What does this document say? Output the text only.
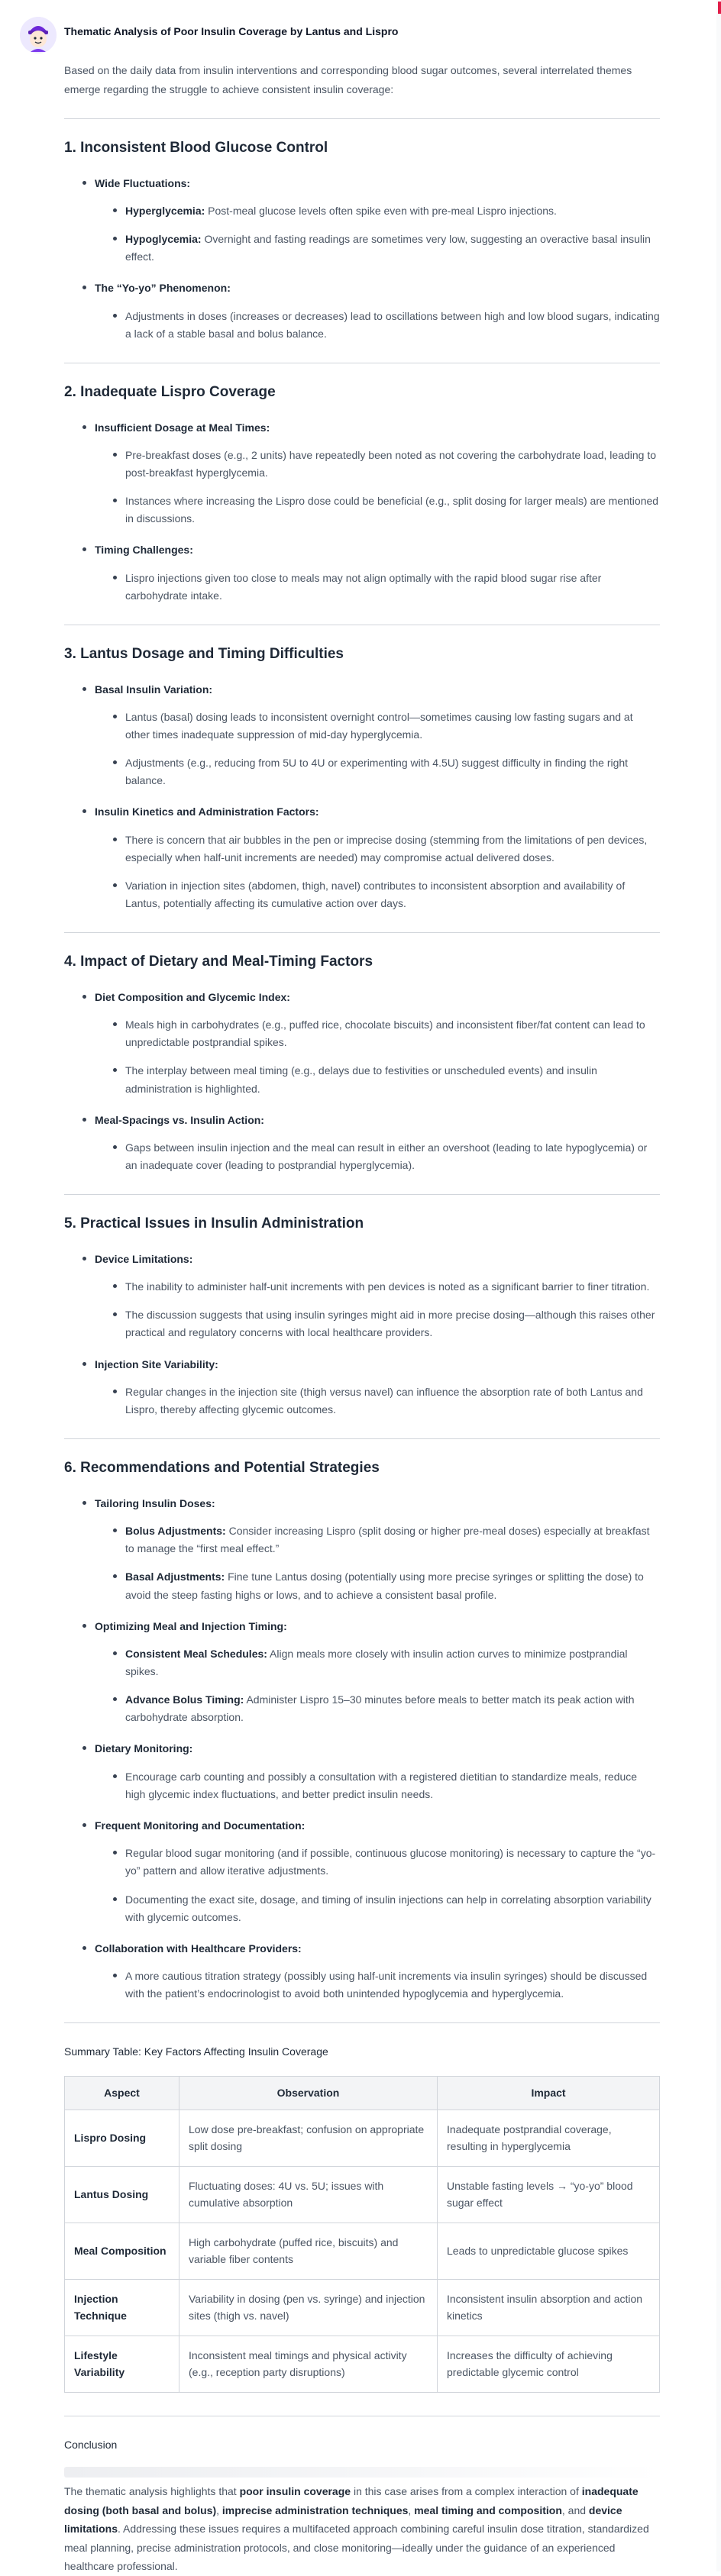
Thematic Analysis of Poor Insulin Coverage by Lantus and Lispro

Based on the daily data from insulin interventions and corresponding blood sugar outcomes, several interrelated themes emerge regarding the struggle to achieve consistent insulin coverage:

1. Inconsistent Blood Glucose Control
Wide Fluctuations:
Hyperglycemia: Post-meal glucose levels often spike even with pre-meal Lispro injections.
Hypoglycemia: Overnight and fasting readings are sometimes very low, suggesting an overactive basal insulin effect.
The “Yo-yo” Phenomenon:
Adjustments in doses (increases or decreases) lead to oscillations between high and low blood sugars, indicating a lack of a stable basal and bolus balance.
2. Inadequate Lispro Coverage
Insufficient Dosage at Meal Times:
Pre-breakfast doses (e.g., 2 units) have repeatedly been noted as not covering the carbohydrate load, leading to post-breakfast hyperglycemia.
Instances where increasing the Lispro dose could be beneficial (e.g., split dosing for larger meals) are mentioned in discussions.
Timing Challenges:
Lispro injections given too close to meals may not align optimally with the rapid blood sugar rise after carbohydrate intake.
3. Lantus Dosage and Timing Difficulties
Basal Insulin Variation:
Lantus (basal) dosing leads to inconsistent overnight control—sometimes causing low fasting sugars and at other times inadequate suppression of mid-day hyperglycemia.
Adjustments (e.g., reducing from 5U to 4U or experimenting with 4.5U) suggest difficulty in finding the right balance.
Insulin Kinetics and Administration Factors:
There is concern that air bubbles in the pen or imprecise dosing (stemming from the limitations of pen devices, especially when half-unit increments are needed) may compromise actual delivered doses.
Variation in injection sites (abdomen, thigh, navel) contributes to inconsistent absorption and availability of Lantus, potentially affecting its cumulative action over days.
4. Impact of Dietary and Meal-Timing Factors
Diet Composition and Glycemic Index:
Meals high in carbohydrates (e.g., puffed rice, chocolate biscuits) and inconsistent fiber/fat content can lead to unpredictable postprandial spikes.
The interplay between meal timing (e.g., delays due to festivities or unscheduled events) and insulin administration is highlighted.
Meal-Spacings vs. Insulin Action:
Gaps between insulin injection and the meal can result in either an overshoot (leading to late hypoglycemia) or an inadequate cover (leading to postprandial hyperglycemia).
5. Practical Issues in Insulin Administration
Device Limitations:
The inability to administer half-unit increments with pen devices is noted as a significant barrier to finer titration.
The discussion suggests that using insulin syringes might aid in more precise dosing—although this raises other practical and regulatory concerns with local healthcare providers.
Injection Site Variability:
Regular changes in the injection site (thigh versus navel) can influence the absorption rate of both Lantus and Lispro, thereby affecting glycemic outcomes.
6. Recommendations and Potential Strategies
Tailoring Insulin Doses:
Bolus Adjustments: Consider increasing Lispro (split dosing or higher pre-meal doses) especially at breakfast to manage the “first meal effect.”
Basal Adjustments: Fine tune Lantus dosing (potentially using more precise syringes or splitting the dose) to avoid the steep fasting highs or lows, and to achieve a consistent basal profile.
Optimizing Meal and Injection Timing:
Consistent Meal Schedules: Align meals more closely with insulin action curves to minimize postprandial spikes.
Advance Bolus Timing: Administer Lispro 15–30 minutes before meals to better match its peak action with carbohydrate absorption.
Dietary Monitoring:
Encourage carb counting and possibly a consultation with a registered dietitian to standardize meals, reduce high glycemic index fluctuations, and better predict insulin needs.
Frequent Monitoring and Documentation:
Regular blood sugar monitoring (and if possible, continuous glucose monitoring) is necessary to capture the “yo-yo” pattern and allow iterative adjustments.
Documenting the exact site, dosage, and timing of insulin injections can help in correlating absorption variability with glycemic outcomes.
Collaboration with Healthcare Providers:
A more cautious titration strategy (possibly using half-unit increments via insulin syringes) should be discussed with the patient’s endocrinologist to avoid both unintended hypoglycemia and hyperglycemia.
Summary Table: Key Factors Affecting Insulin Coverage
Aspect	Observation	Impact
Lispro Dosing	Low dose pre-breakfast; confusion on appropriate split dosing	Inadequate postprandial coverage, resulting in hyperglycemia
Lantus Dosing	Fluctuating doses: 4U vs. 5U; issues with cumulative absorption	Unstable fasting levels → “yo-yo” blood sugar effect
Meal Composition	High carbohydrate (puffed rice, biscuits) and variable fiber contents	Leads to unpredictable glucose spikes
Injection Technique	Variability in dosing (pen vs. syringe) and injection sites (thigh vs. navel)	Inconsistent insulin absorption and action kinetics
Lifestyle Variability	Inconsistent meal timings and physical activity (e.g., reception party disruptions)	Increases the difficulty of achieving predictable glycemic control
Conclusion

The thematic analysis highlights that poor insulin coverage in this case arises from a complex interaction of inadequate dosing (both basal and bolus), imprecise administration techniques, meal timing and composition, and device limitations. Addressing these issues requires a multifaceted approach combining careful insulin dose titration, standardized meal planning, precise administration protocols, and close monitoring—ideally under the guidance of an experienced healthcare professional.
